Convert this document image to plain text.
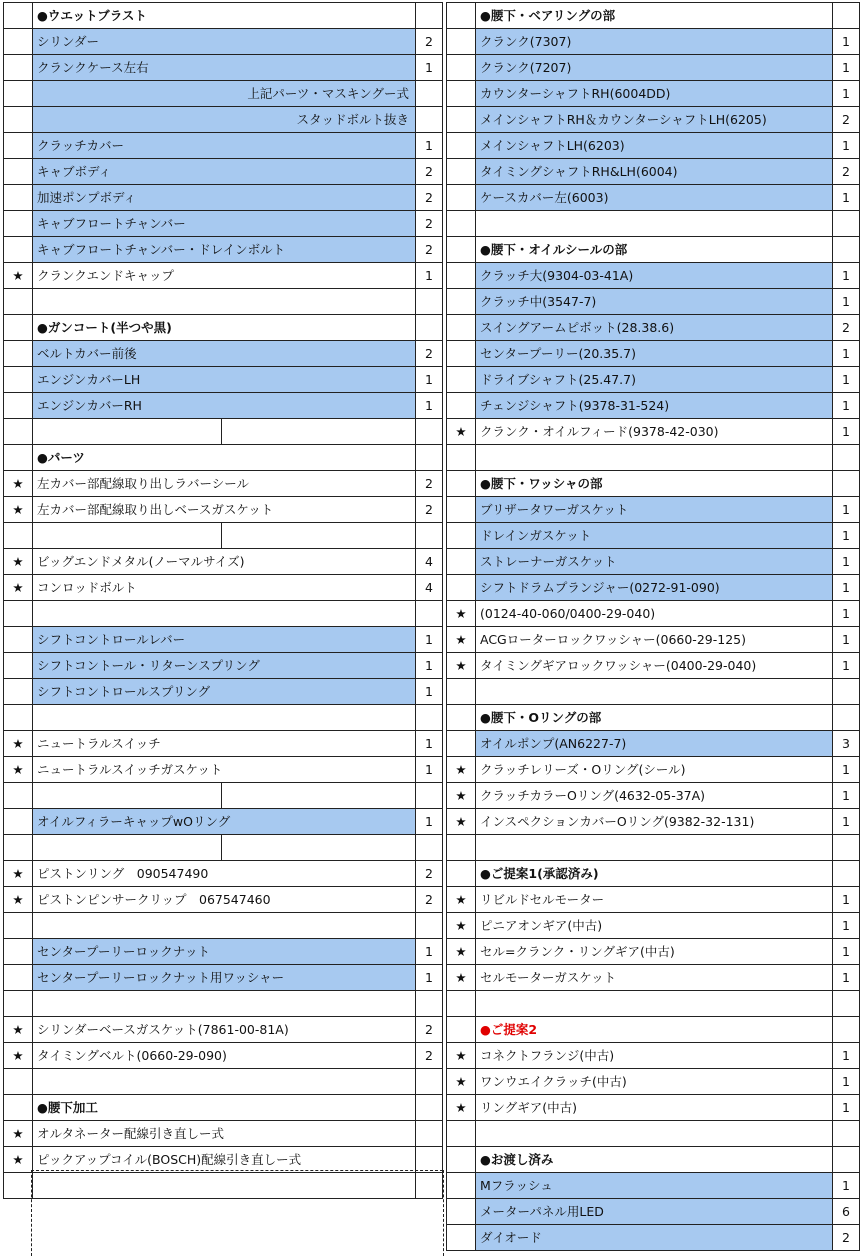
	●ウエットブラスト	
	シリンダー	2
	クランクケース左右	1
	上記パーツ・マスキングー式	
	スタッドボルト抜き	
	クラッチカバー	1
	キャブボディ	2
	加速ポンプボディ	2
	キャブフロートチャンバー	2
	キャブフロートチャンバー・ドレインボルト	2
★	クランクエンドキャップ	1

	●ガンコート(半つや黒)	
	ベルトカバー前後	2
	エンジンカバーLH	1
	エンジンカバーRH	1

	●パーツ	
★	左カバー部配線取り出しラバーシール	2
★	左カバー部配線取り出しベースガスケット	2

★	ビッグエンドメタル(ノーマルサイズ)	4
★	コンロッドボルト	4

	シフトコントロールレバー	1
	シフトコントール・リターンスプリング	1
	シフトコントロールスプリング	1

★	ニュートラルスイッチ	1
★	ニュートラルスイッチガスケット	1

	オイルフィラーキャップwOリング	1

★	ピストンリング　090547490	2
★	ピストンピンサークリップ　067547460	2

	センタープーリーロックナット	1
	センタープーリーロックナット用ワッシャー	1

★	シリンダーベースガスケット(7861-00-81A)	2
★	タイミングベルト(0660-29-090)	2

	●腰下加工	
★	オルタネーター配線引き直しー式	
★	ピックアップコイル(BOSCH)配線引き直しー式	

	●腰下・ベアリングの部	
	クランク(7307)	1
	クランク(7207)	1
	カウンターシャフトRH(6004DD)	1
	メインシャフトRH＆カウンターシャフトLH(6205)	2
	メインシャフトLH(6203)	1
	タイミングシャフトRH&LH(6004)	2
	ケースカバー左(6003)	1

	●腰下・オイルシールの部	
	クラッチ大(9304-03-41A)	1
	クラッチ中(3547-7)	1
	スイングアームピボット(28.38.6)	2
	センタープーリー(20.35.7)	1
	ドライブシャフト(25.47.7)	1
	チェンジシャフト(9378-31-524)	1
★	クランク・オイルフィード(9378-42-030)	1

	●腰下・ワッシャの部	
	ブリザータワーガスケット	1
	ドレインガスケット	1
	ストレーナーガスケット	1
	シフトドラムプランジャー(0272-91-090)	1
★	(0124-40-060/0400-29-040)	1
★	ACGローターロックワッシャー(0660-29-125)	1
★	タイミングギアロックワッシャー(0400-29-040)	1

	●腰下・Oリングの部	
	オイルポンプ(AN6227-7)	3
★	クラッチレリーズ・Oリング(シール)	1
★	クラッチカラーOリング(4632-05-37A)	1
★	インスペクションカバーOリング(9382-32-131)	1

	●ご提案1(承認済み)	
★	リビルドセルモーター	1
★	ピニアオンギア(中古)	1
★	セル=クランク・リングギア(中古)	1
★	セルモーターガスケット	1

	●ご提案2	
★	コネクトフランジ(中古)	1
★	ワンウエイクラッチ(中古)	1
★	リングギア(中古)	1

	●お渡し済み	
	Mフラッシュ	1
	メーターパネル用LED	6
	ダイオード	2
